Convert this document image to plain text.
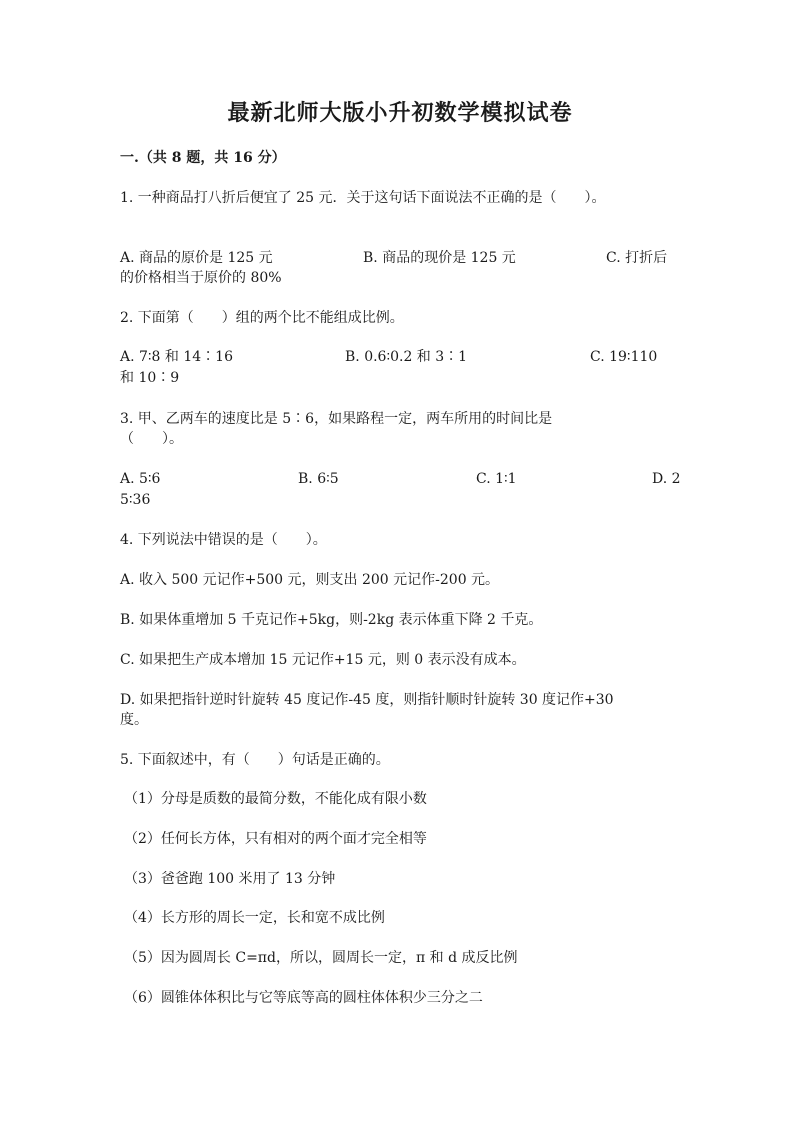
最新北师大版小升初数学模拟试卷
一.（共 8 题，共 16 分）
1. 一种商品打八折后便宜了 25 元．关于这句话下面说法不正确的是（　　）。
A. 商品的原价是 125 元	B. 商品的现价是 125 元	C. 打折后
的价格相当于原价的 80%
2. 下面第（　　）组的两个比不能组成比例。
A. 7∶8 和 14∶16	B. 0.6∶0.2 和 3∶1	C. 19∶110
和 10∶9
3. 甲、乙两车的速度比是 5∶6，如果路程一定，两车所用的时间比是
（　　）。
A. 5∶6	B. 6∶5	C. 1∶1	D. 2
5∶36
4. 下列说法中错误的是（　　）。
A. 收入 500 元记作+500 元，则支出 200 元记作-200 元。
B. 如果体重增加 5 千克记作+5kg，则-2kg 表示体重下降 2 千克。
C. 如果把生产成本增加 15 元记作+15 元，则 0 表示没有成本。
D. 如果把指针逆时针旋转 45 度记作-45 度，则指针顺时针旋转 30 度记作+30
度。
5. 下面叙述中，有（　　）句话是正确的。
（1）分母是质数的最简分数，不能化成有限小数
（2）任何长方体，只有相对的两个面才完全相等
（3）爸爸跑 100 米用了 13 分钟
（4）长方形的周长一定，长和宽不成比例
（5）因为圆周长 C=πd，所以，圆周长一定，π 和 d 成反比例
（6）圆锥体体积比与它等底等高的圆柱体体积少三分之二
